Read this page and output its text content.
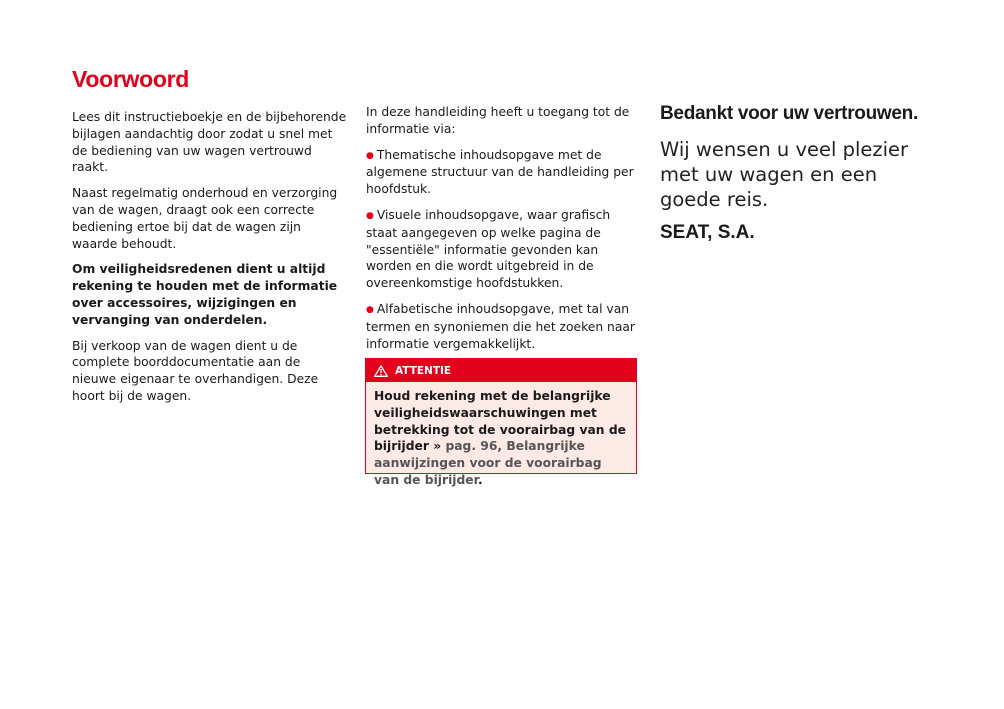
Voorwoord

Lees dit instructieboekje en de bijbehorende bijlagen aandachtig door zodat u snel met de bediening van uw wagen vertrouwd raakt.

Naast regelmatig onderhoud en verzorging van de wagen, draagt ook een correcte bediening ertoe bij dat de wagen zijn waarde behoudt.

Om veiligheidsredenen dient u altijd rekening te houden met de informatie over accessoires, wijzigingen en vervanging van onderdelen.

Bij verkoop van de wagen dient u de complete boorddocumentatie aan de nieuwe eigenaar te overhandigen. Deze hoort bij de wagen.

In deze handleiding heeft u toegang tot de informatie via:

● Thematische inhoudsopgave met de algemene structuur van de handleiding per hoofdstuk.

● Visuele inhoudsopgave, waar grafisch staat aangegeven op welke pagina de "essentiële" informatie gevonden kan worden en die wordt uitgebreid in de overeenkomstige hoofdstukken.

● Alfabetische inhoudsopgave, met tal van termen en synoniemen die het zoeken naar informatie vergemakkelijkt.

ATTENTIE
Houd rekening met de belangrijke veiligheidswaarschuwingen met betrekking tot de voorairbag van de bijrijder » pag. 96, Belangrijke aanwijzingen voor de voorairbag van de bijrijder.

Bedankt voor uw vertrouwen.

Wij wensen u veel plezier met uw wagen en een goede reis.

SEAT, S.A.
